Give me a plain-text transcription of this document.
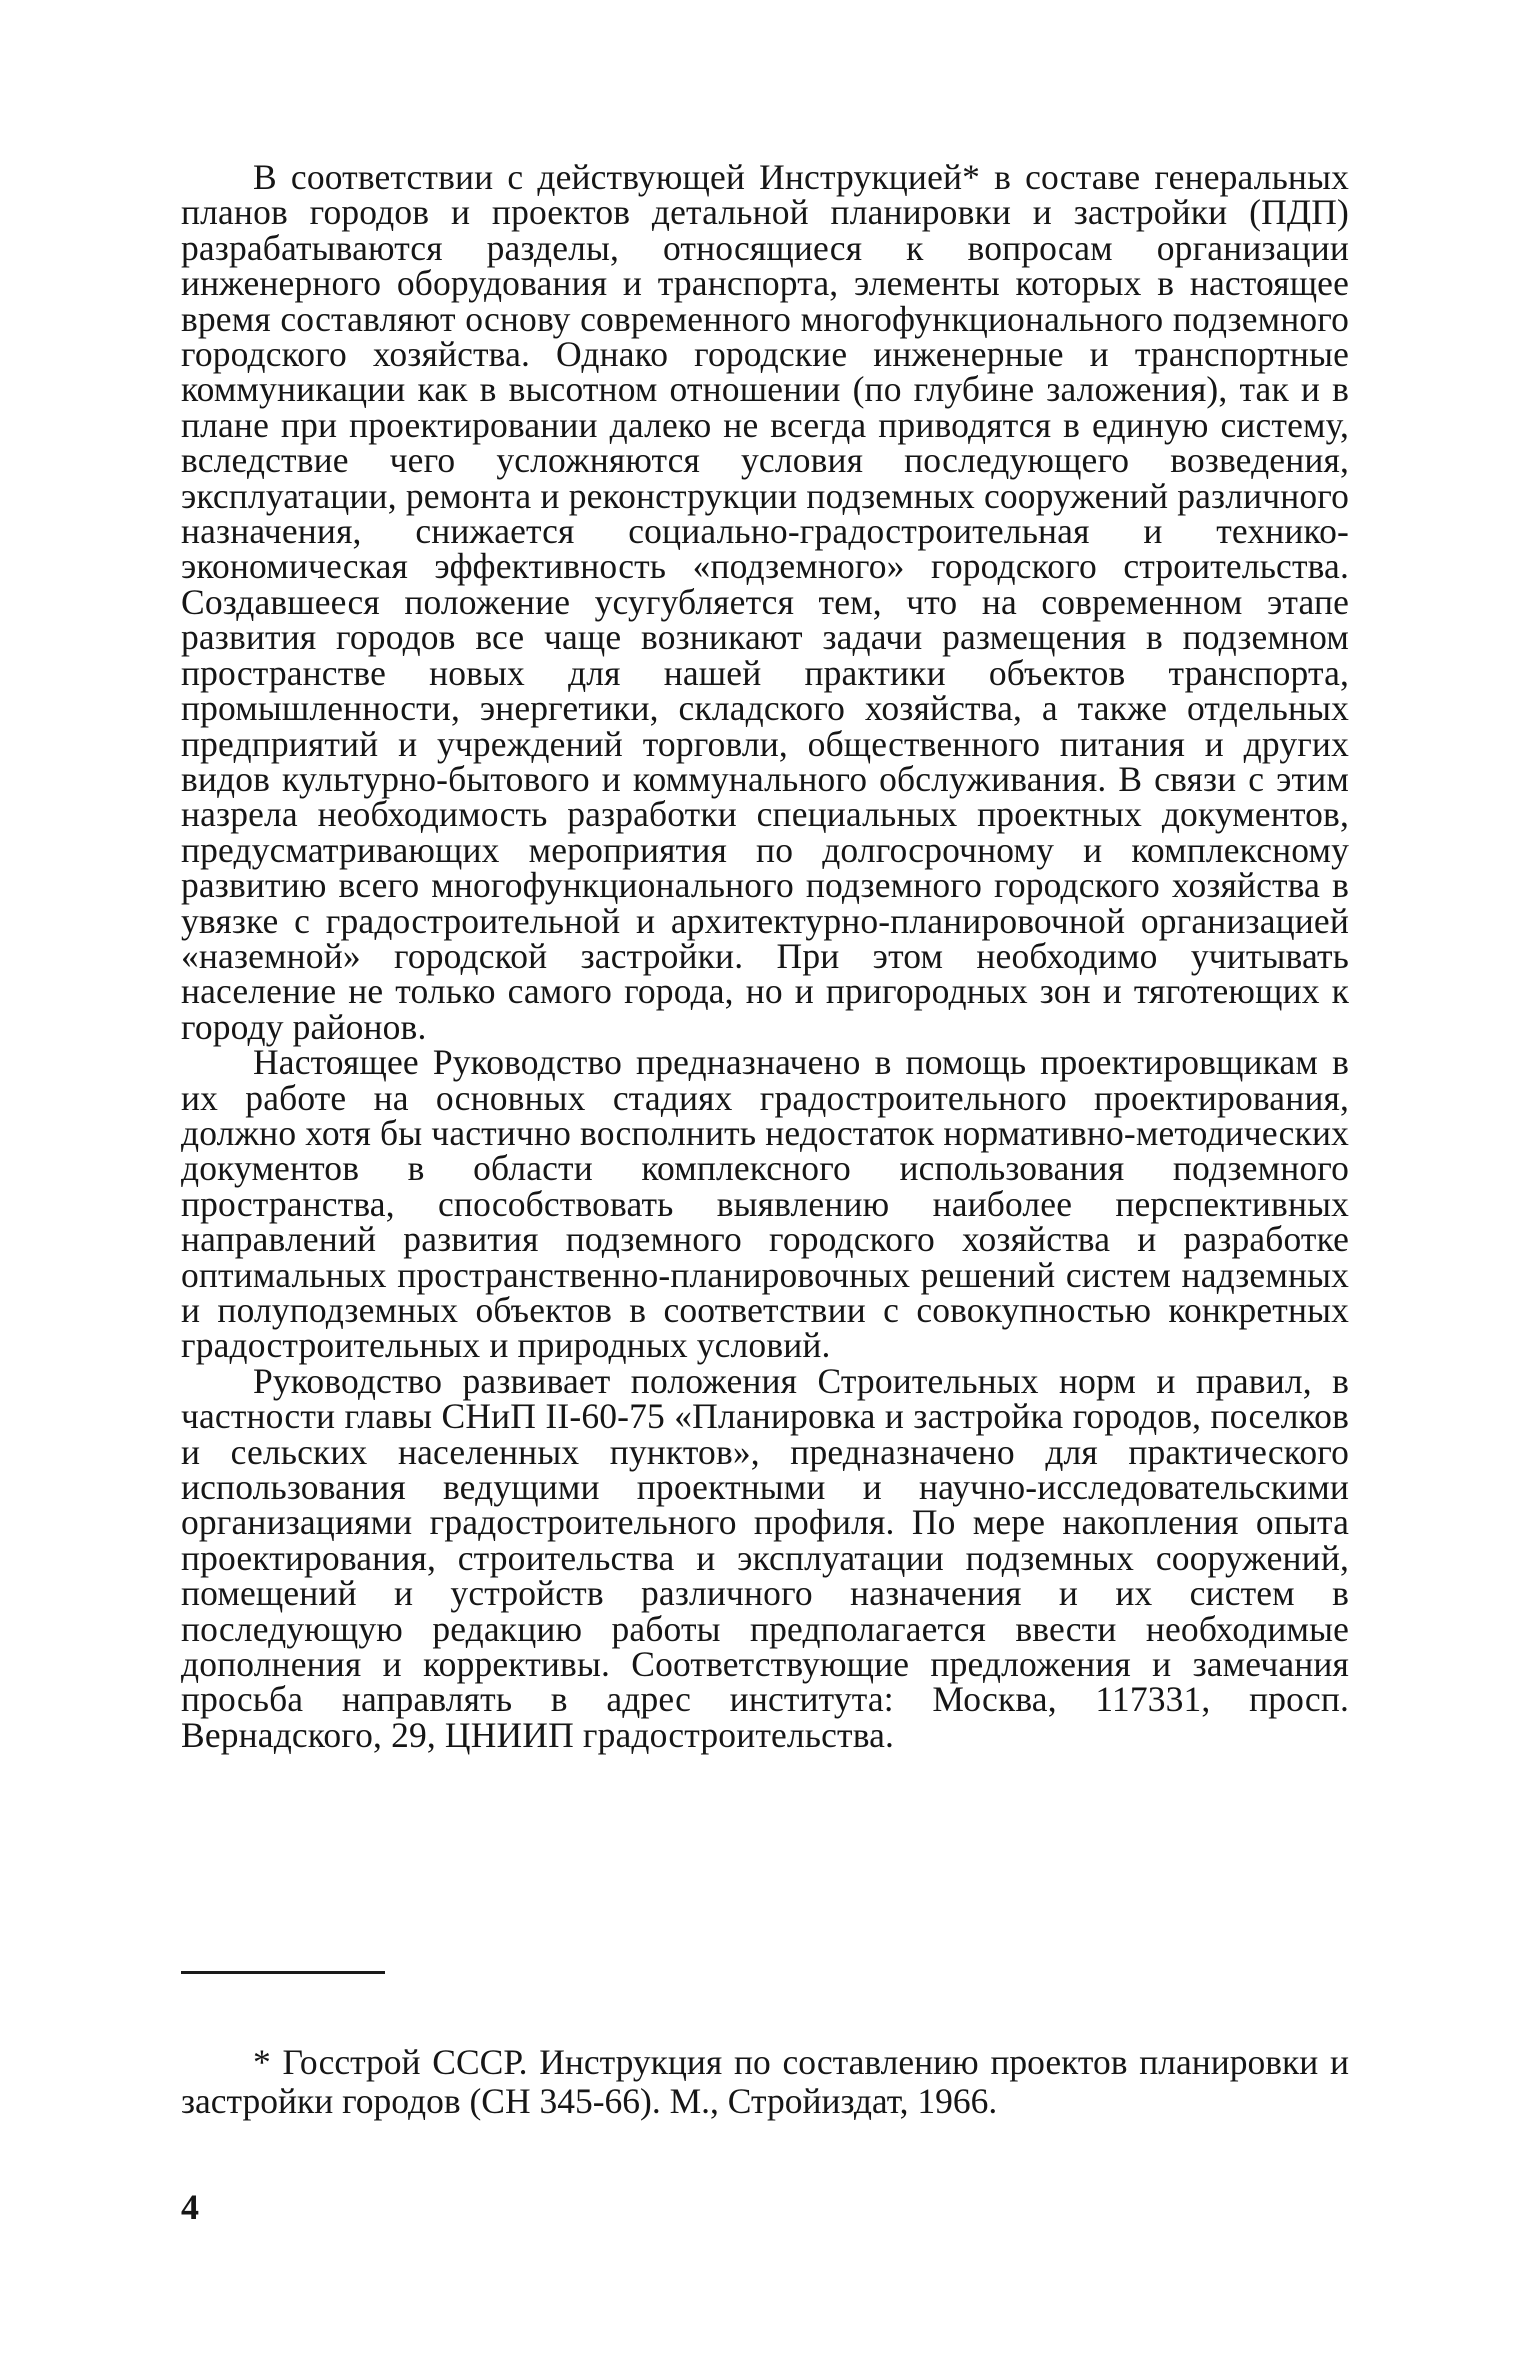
В соответствии с действующей Инструкцией* в составе генеральных планов городов и проектов детальной планировки и застройки (ПДП) разрабатываются разделы, относящиеся к вопросам организации инженерного оборудования и транспорта, элементы которых в настоящее время составляют основу современного многофункционального подземного городского хозяйства. Однако городские инженерные и транспортные коммуникации как в высотном отношении (по глубине заложения), так и в плане при проектировании далеко не всегда приводятся в единую систему, вследствие чего усложняются условия последующего возведения, эксплуатации, ремонта и реконструкции подземных сооружений различного назначения, снижается социально-градостроительная и технико-экономическая эффективность «подземного» городского строительства. Создавшееся положение усугубляется тем, что на современном этапе развития городов все чаще возникают задачи размещения в подземном пространстве новых для нашей практики объектов транспорта, промышленности, энергетики, складского хозяйства, а также отдельных предприятий и учреждений торговли, общественного питания и других видов культурно-бытового и коммунального обслуживания. В связи с этим назрела необходимость разработки специальных проектных документов, предусматривающих мероприятия по долгосрочному и комплексному развитию всего многофункционального подземного городского хозяйства в увязке с градостроительной и архитектурно-планировочной организацией «наземной» городской застройки. При этом необходимо учитывать население не только самого города, но и пригородных зон и тяготеющих к городу районов.

Настоящее Руководство предназначено в помощь проектировщикам в их работе на основных стадиях градостроительного проектирования, должно хотя бы частично восполнить недостаток нормативно-методических документов в области комплексного использования подземного пространства, способствовать выявлению наиболее перспективных направлений развития подземного городского хозяйства и разработке оптимальных пространственно-планировочных решений систем надземных и полуподземных объектов в соответствии с совокупностью конкретных градостроительных и природных условий.

Руководство развивает положения Строительных норм и правил, в частности главы СНиП II-60-75 «Планировка и застройка городов, поселков и сельских населенных пунктов», предназначено для практического использования ведущими проектными и научно-исследовательскими организациями градостроительного профиля. По мере накопления опыта проектирования, строительства и эксплуатации подземных сооружений, помещений и устройств различного назначения и их систем в последующую редакцию работы предполагается ввести необходимые дополнения и коррективы. Соответствующие предложения и замечания просьба направлять в адрес института: Москва, 117331, просп. Вернадского, 29, ЦНИИП градостроительства.

* Госстрой СССР. Инструкция по составлению проектов планировки и застройки городов (СН 345-66). М., Стройиздат, 1966.

4
